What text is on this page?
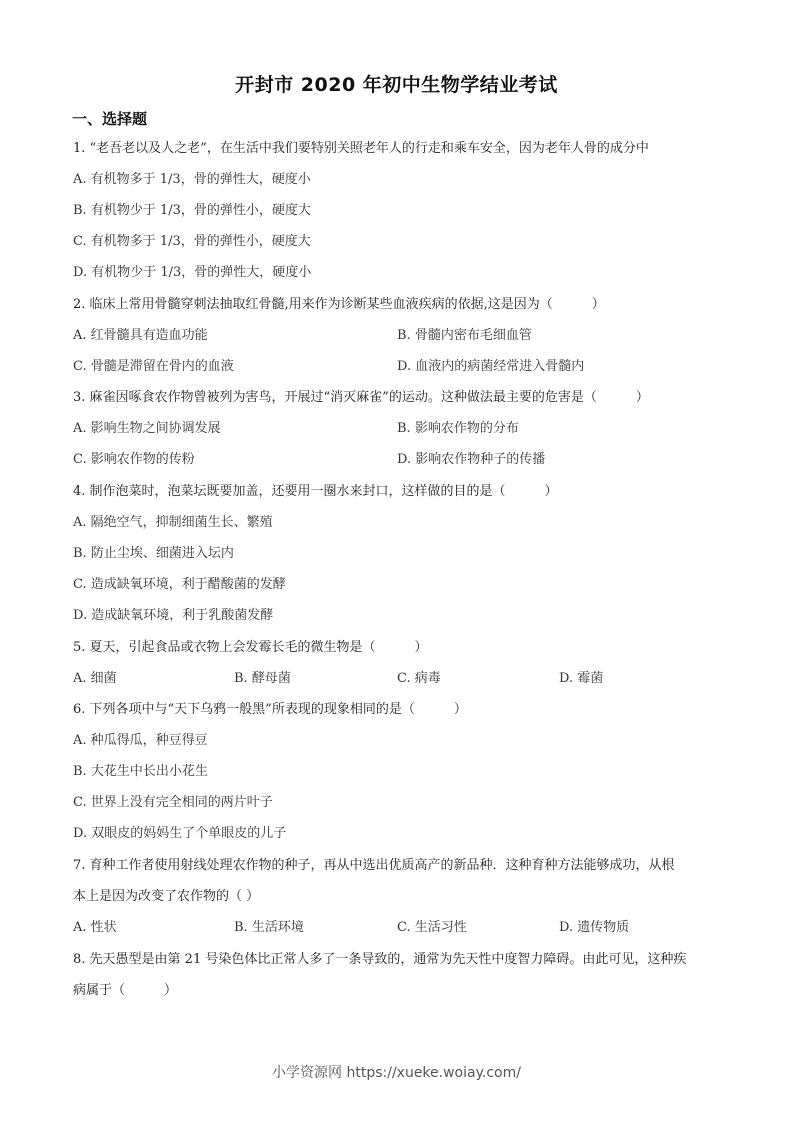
开封市 2020 年初中生物学结业考试
一、选择题
1. “老吾老以及人之老”，在生活中我们要特别关照老年人的行走和乘车安全，因为老年人骨的成分中
A. 有机物多于 1/3，骨的弹性大，硬度小
B. 有机物少于 1/3，骨的弹性小，硬度大
C. 有机物多于 1/3，骨的弹性小，硬度大
D. 有机物少于 1/3，骨的弹性大，硬度小
2. 临床上常用骨髓穿刺法抽取红骨髓,用来作为诊断某些血液疾病的依据,这是因为（　　　）
A. 红骨髓具有造血功能	B. 骨髓内密布毛细血管
C. 骨髓是滞留在骨内的血液	D. 血液内的病菌经常进入骨髓内
3. 麻雀因啄食农作物曾被列为害鸟，开展过“消灭麻雀”的运动。这种做法最主要的危害是（　　　）
A. 影响生物之间协调发展	B. 影响农作物的分布
C. 影响农作物的传粉	D. 影响农作物种子的传播
4. 制作泡菜时，泡菜坛既要加盖，还要用一圈水来封口，这样做的目的是（　　　）
A. 隔绝空气，抑制细菌生长、繁殖
B. 防止尘埃、细菌进入坛内
C. 造成缺氧环境，利于醋酸菌的发酵
D. 造成缺氧环境，利于乳酸菌发酵
5. 夏天，引起食品或衣物上会发霉长毛的微生物是（　　　）
A. 细菌	B. 酵母菌	C. 病毒	D. 霉菌
6. 下列各项中与“天下乌鸦一般黑”所表现的现象相同的是（　　　）
A. 种瓜得瓜，种豆得豆
B. 大花生中长出小花生
C. 世界上没有完全相同的两片叶子
D. 双眼皮的妈妈生了个单眼皮的儿子
7. 育种工作者使用射线处理农作物的种子，再从中选出优质高产的新品种．这种育种方法能够成功，从根
本上是因为改变了农作物的（ ）
A. 性状	B. 生活环境	C. 生活习性	D. 遗传物质
8. 先天愚型是由第 21 号染色体比正常人多了一条导致的，通常为先天性中度智力障碍。由此可见，这种疾
病属于（　　　）
小学资源网 https://xueke.woiay.com/
